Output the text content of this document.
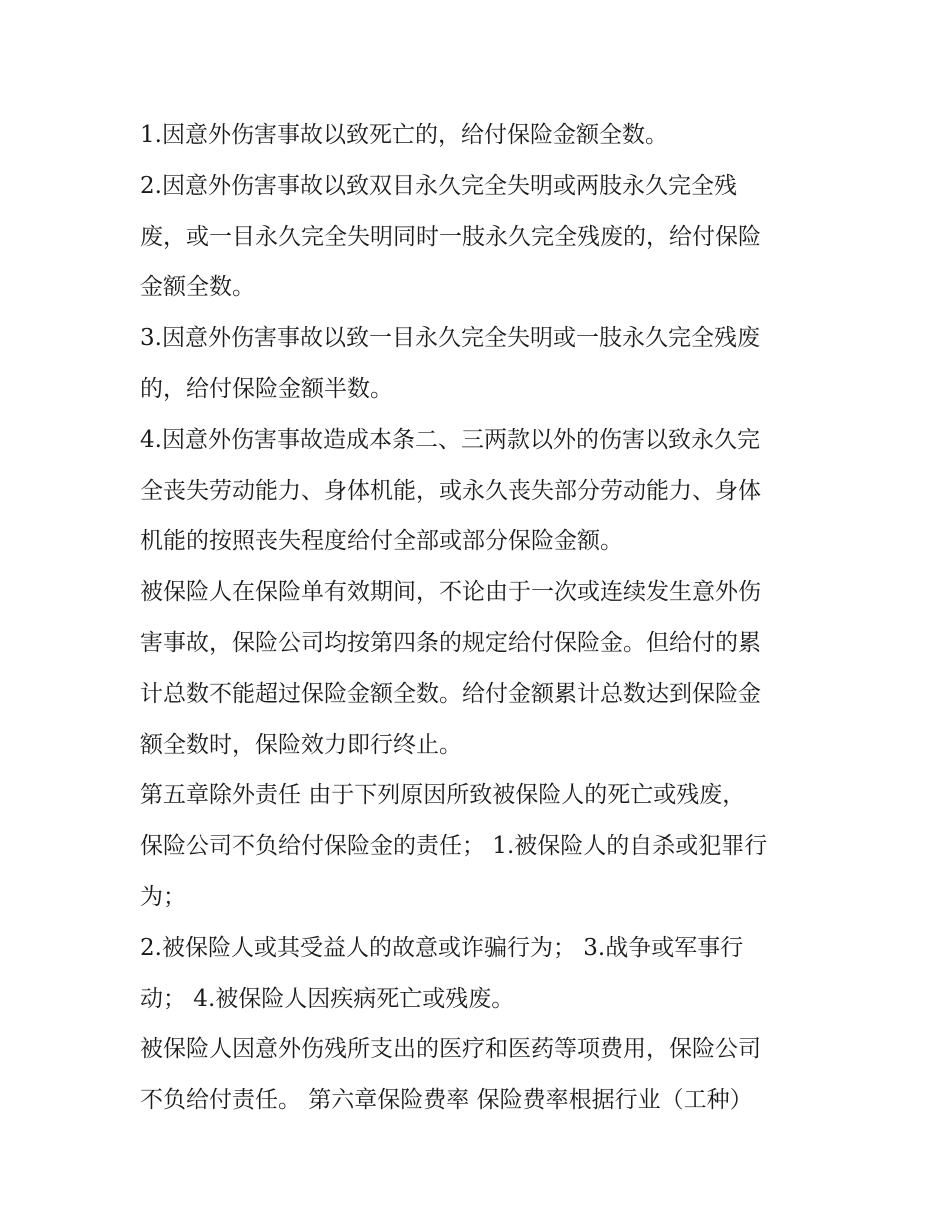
1.因意外伤害事故以致死亡的，给付保险金额全数。
2.因意外伤害事故以致双目永久完全失明或两肢永久完全残
废，或一目永久完全失明同时一肢永久完全残废的，给付保险
金额全数。
3.因意外伤害事故以致一目永久完全失明或一肢永久完全残废
的，给付保险金额半数。
4.因意外伤害事故造成本条二、三两款以外的伤害以致永久完
全丧失劳动能力、身体机能，或永久丧失部分劳动能力、身体
机能的按照丧失程度给付全部或部分保险金额。
被保险人在保险单有效期间，不论由于一次或连续发生意外伤
害事故，保险公司均按第四条的规定给付保险金。但给付的累
计总数不能超过保险金额全数。给付金额累计总数达到保险金
额全数时，保险效力即行终止。
第五章除外责任 由于下列原因所致被保险人的死亡或残废，
保险公司不负给付保险金的责任； 1.被保险人的自杀或犯罪行
为；
2.被保险人或其受益人的故意或诈骗行为； 3.战争或军事行
动； 4.被保险人因疾病死亡或残废。
被保险人因意外伤残所支出的医疗和医药等项费用，保险公司
不负给付责任。 第六章保险费率 保险费率根据行业（工种）
